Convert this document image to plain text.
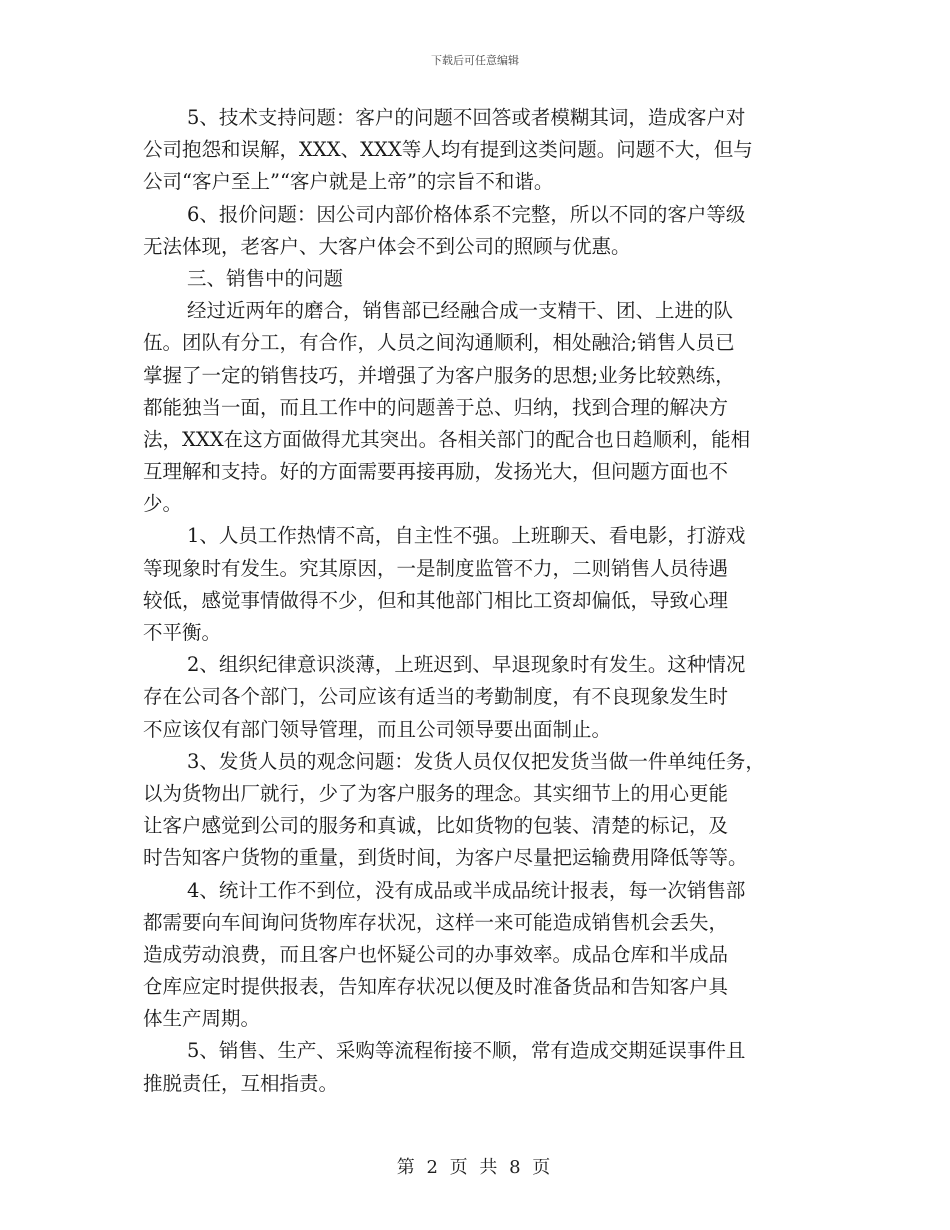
下载后可任意编辑
5、技术支持问题：客户的问题不回答或者模糊其词，造成客户对
公司抱怨和误解，XXX、XXX等人均有提到这类问题。问题不大，但与
公司“客户至上”“客户就是上帝”的宗旨不和谐。
6、报价问题：因公司内部价格体系不完整，所以不同的客户等级
无法体现，老客户、大客户体会不到公司的照顾与优惠。
三、销售中的问题
经过近两年的磨合，销售部已经融合成一支精干、团、上进的队
伍。团队有分工，有合作，人员之间沟通顺利，相处融洽;销售人员已
掌握了一定的销售技巧，并增强了为客户服务的思想;业务比较熟练，
都能独当一面，而且工作中的问题善于总、归纳，找到合理的解决方
法，XXX在这方面做得尤其突出。各相关部门的配合也日趋顺利，能相
互理解和支持。好的方面需要再接再励，发扬光大，但问题方面也不
少。
1、人员工作热情不高，自主性不强。上班聊天、看电影，打游戏
等现象时有发生。究其原因，一是制度监管不力，二则销售人员待遇
较低，感觉事情做得不少，但和其他部门相比工资却偏低，导致心理
不平衡。
2、组织纪律意识淡薄，上班迟到、早退现象时有发生。这种情况
存在公司各个部门，公司应该有适当的考勤制度，有不良现象发生时
不应该仅有部门领导管理，而且公司领导要出面制止。
3、发货人员的观念问题：发货人员仅仅把发货当做一件单纯任务，
以为货物出厂就行，少了为客户服务的理念。其实细节上的用心更能
让客户感觉到公司的服务和真诚，比如货物的包装、清楚的标记，及
时告知客户货物的重量，到货时间，为客户尽量把运输费用降低等等。
4、统计工作不到位，没有成品或半成品统计报表，每一次销售部
都需要向车间询问货物库存状况，这样一来可能造成销售机会丢失，
造成劳动浪费，而且客户也怀疑公司的办事效率。成品仓库和半成品
仓库应定时提供报表，告知库存状况以便及时准备货品和告知客户具
体生产周期。
5、销售、生产、采购等流程衔接不顺，常有造成交期延误事件且
推脱责任，互相指责。
第 2 页 共 8 页
